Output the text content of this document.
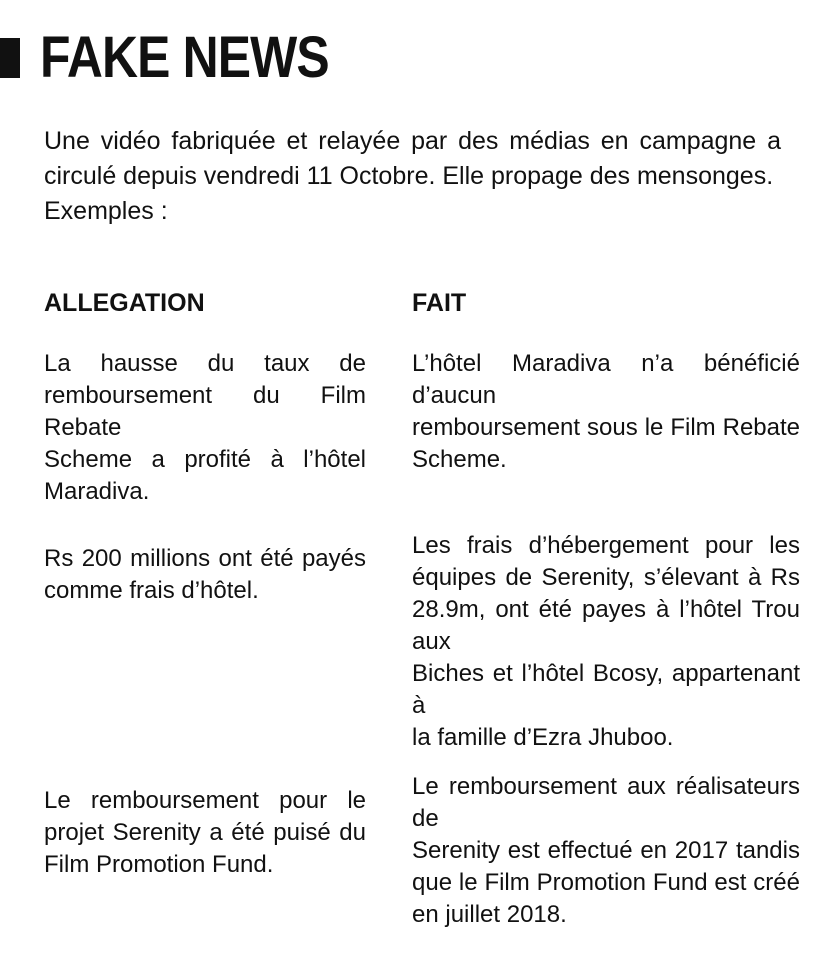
FAKE NEWS

Une vidéo fabriquée et relayée par des médias en campagne a
circulé depuis vendredi 11 Octobre. Elle propage des mensonges.
Exemples :

ALLEGATION	FAIT

La hausse du taux de
remboursement du Film Rebate
Scheme a profité à l’hôtel
Maradiva.

L’hôtel Maradiva n’a bénéficié d’aucun
remboursement sous le Film Rebate
Scheme.

Rs 200 millions ont été payés
comme frais d’hôtel.

Les frais d’hébergement pour les
équipes de Serenity, s’élevant à Rs
28.9m, ont été payes à l’hôtel Trou aux
Biches et l’hôtel Bcosy, appartenant à
la famille d’Ezra Jhuboo.

Le remboursement pour le
projet Serenity a été puisé du
Film Promotion Fund.

Le remboursement aux réalisateurs de
Serenity est effectué en 2017 tandis
que le Film Promotion Fund est créé
en juillet 2018.
